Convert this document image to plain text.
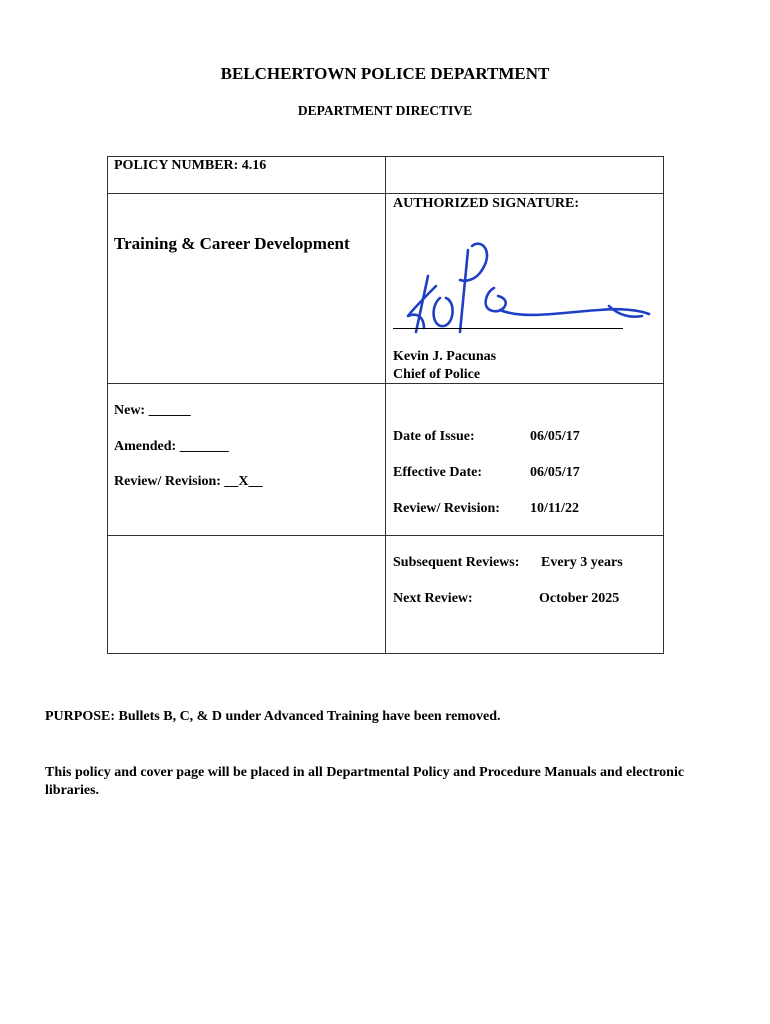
BELCHERTOWN POLICE DEPARTMENT
DEPARTMENT DIRECTIVE
POLICY NUMBER: 4.16
Training & Career Development
New: ______
Amended: _______
Review/ Revision: __X__
AUTHORIZED SIGNATURE:
Kevin J. Pacunas
Chief of Police
Date of Issue:	06/05/17
Effective Date:	06/05/17
Review/ Revision: 10/11/22
Subsequent Reviews: Every 3 years
Next Review:	October 2025
PURPOSE: Bullets B, C, & D under Advanced Training have been removed.
This policy and cover page will be placed in all Departmental Policy and Procedure Manuals and electronic libraries.
